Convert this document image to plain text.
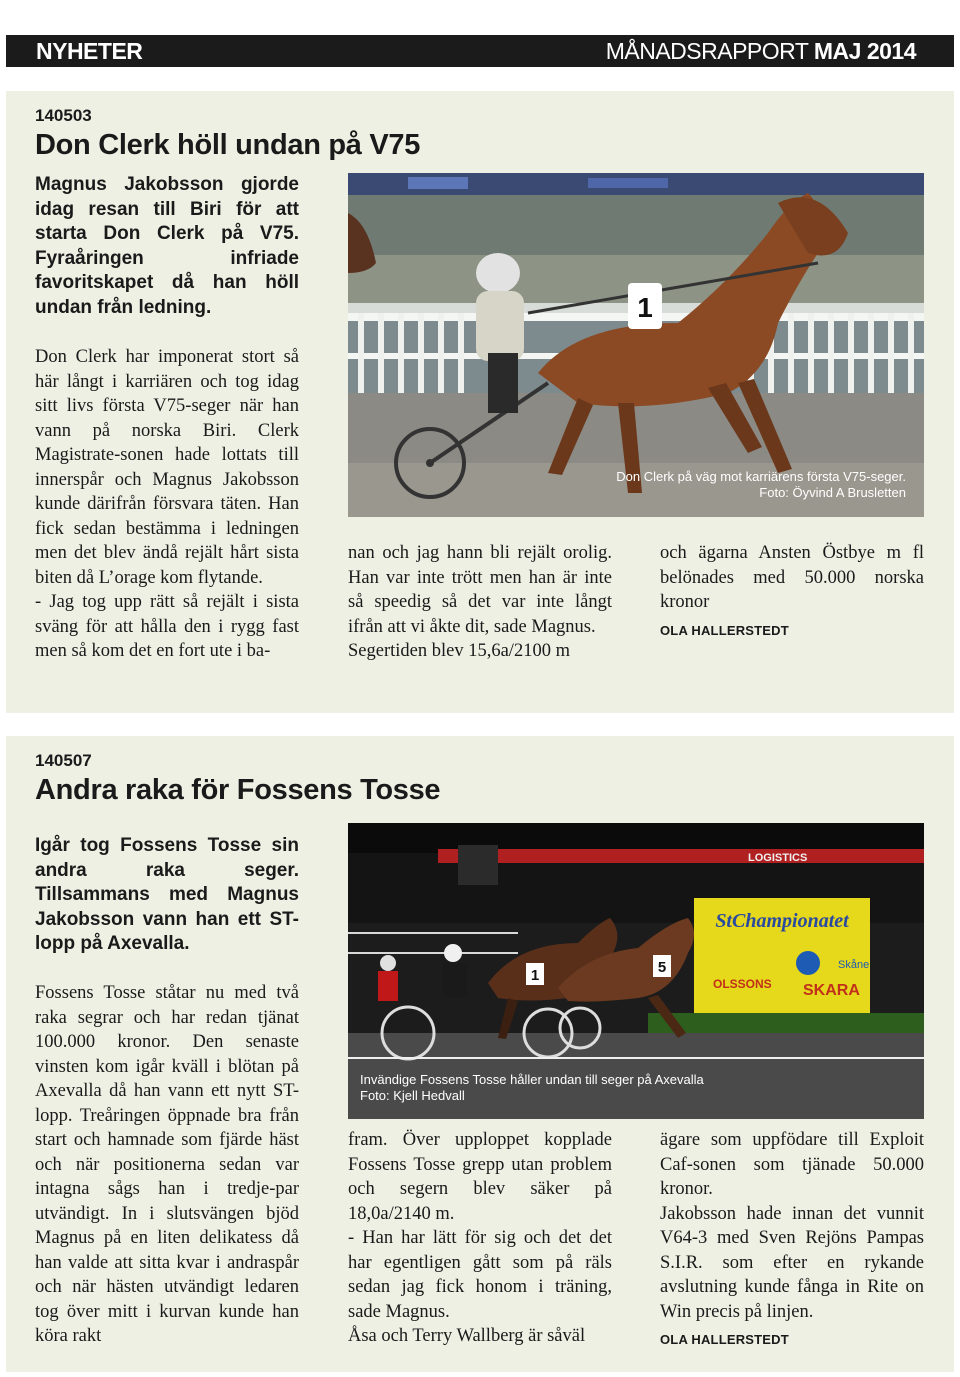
NYHETER	MÅNADSRAPPORT MAJ 2014
140503
Don Clerk höll undan på V75
Magnus Jakobsson gjorde idag resan till Biri för att starta Don Clerk på V75. Fyraåringen infriade favoritskapet då han höll undan från ledning.

Don Clerk har imponerat stort så här långt i karriären och tog idag sitt livs första V75-seger när han vann på norska Biri. Clerk Magistrate-sonen hade lottats till innerspår och Magnus Jakobsson kunde därifrån försvara täten. Han fick sedan bestämma i ledningen men det blev ändå rejält hårt sista biten då L’orage kom flytande.

- Jag tog upp rätt så rejält i sista sväng för att hålla den i rygg fast men så kom det en fort ute i ba-

nan och jag hann bli rejält orolig. Han var inte trött men han är inte så speedig så det var inte långt ifrån att vi åkte dit, sade Magnus.

Segertiden blev 15,6a/2100 m

och ägarna Ansten Östbye m fl belönades med 50.000 norska kronor

OLA HALLERSTEDT
1
Don Clerk på väg mot karriärens första V75-seger.
Foto: Öyvind A Brusletten
140507
Andra raka för Fossens Tosse
Igår tog Fossens Tosse sin andra raka seger. Tillsammans med Magnus Jakobsson vann han ett ST-lopp på Axevalla.

Fossens Tosse ståtar nu med två raka segrar och har redan tjänat 100.000 kronor. Den senaste vinsten kom igår kväll i blötan på Axevalla då han vann ett nytt ST-lopp. Treåringen öppnade bra från start och hamnade som fjärde häst och när positionerna sedan var intagna sågs han i tredje-par utvändigt. In i slutsvängen bjöd Magnus på en liten delikatess då han valde att sitta kvar i andraspår och när hästen utvändigt ledaren tog över mitt i kurvan kunde han köra rakt

fram. Över upploppet kopplade Fossens Tosse grepp utan problem och segern blev säker på 18,0a/2140 m.

- Han har lätt för sig och det det har egentligen gått som på räls sedan jag fick honom i träning, sade Magnus.

Åsa och Terry Wallberg är såväl

ägare som uppfödare till Exploit Caf-sonen som tjänade 50.000 kronor.

Jakobsson hade innan det vunnit V64-3 med Sven Rejöns Pampas S.I.R. som efter en rykande avslutning kunde fånga in Rite on Win precis på linjen.

OLA HALLERSTEDT
LOGISTICS
StChampionatet
Skåne
OLSSONS SKARA
1	5
Invändige Fossens Tosse håller undan till seger på Axevalla
Foto: Kjell Hedvall
